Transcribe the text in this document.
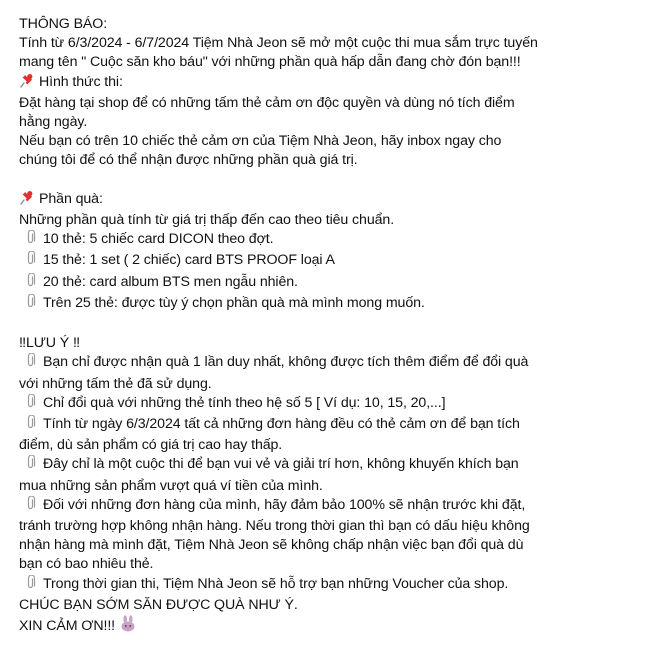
THÔNG BÁO:
Tính từ 6/3/2024 - 6/7/2024 Tiệm Nhà Jeon sẽ mở một cuộc thi mua sắm trực tuyến
mang tên " Cuộc săn kho báu" với những phần quà hấp dẫn đang chờ đón bạn!!!
Hình thức thi:
Đặt hàng tại shop để có những tấm thẻ cảm ơn độc quyền và dùng nó tích điểm
hằng ngày.
Nếu bạn có trên 10 chiếc thẻ cảm ơn của Tiệm Nhà Jeon, hãy inbox ngay cho
chúng tôi để có thể nhận được những phần quà giá trị.
Phần quà:
Những phần quà tính từ giá trị thấp đến cao theo tiêu chuẩn.
10 thẻ: 5 chiếc card DICON theo đợt.
15 thẻ: 1 set ( 2 chiếc) card BTS PROOF loại A
20 thẻ: card album BTS men ngẫu nhiên.
Trên 25 thẻ: được tùy ý chọn phần quà mà mình mong muốn.
‼LƯU Ý ‼
Bạn chỉ được nhận quà 1 lần duy nhất, không được tích thêm điểm để đổi quà
với những tấm thẻ đã sử dụng.
Chỉ đổi quà với những thẻ tính theo hệ số 5 [ Ví dụ: 10, 15, 20,...]
Tính từ ngày 6/3/2024 tất cả những đơn hàng đều có thẻ cảm ơn để bạn tích
điểm, dù sản phẩm có giá trị cao hay thấp.
Đây chỉ là một cuộc thi để bạn vui vẻ và giải trí hơn, không khuyến khích bạn
mua những sản phẩm vượt quá ví tiền của mình.
Đối với những đơn hàng của mình, hãy đảm bảo 100% sẽ nhận trước khi đặt,
tránh trường hợp không nhận hàng. Nếu trong thời gian thì bạn có dấu hiệu không
nhận hàng mà mình đặt, Tiệm Nhà Jeon sẽ không chấp nhận việc bạn đổi quà dù
bạn có bao nhiêu thẻ.
Trong thời gian thi, Tiệm Nhà Jeon sẽ hỗ trợ bạn những Voucher của shop.
CHÚC BẠN SỚM SĂN ĐƯỢC QUÀ NHƯ Ý.
XIN CẢM ƠN!!!
